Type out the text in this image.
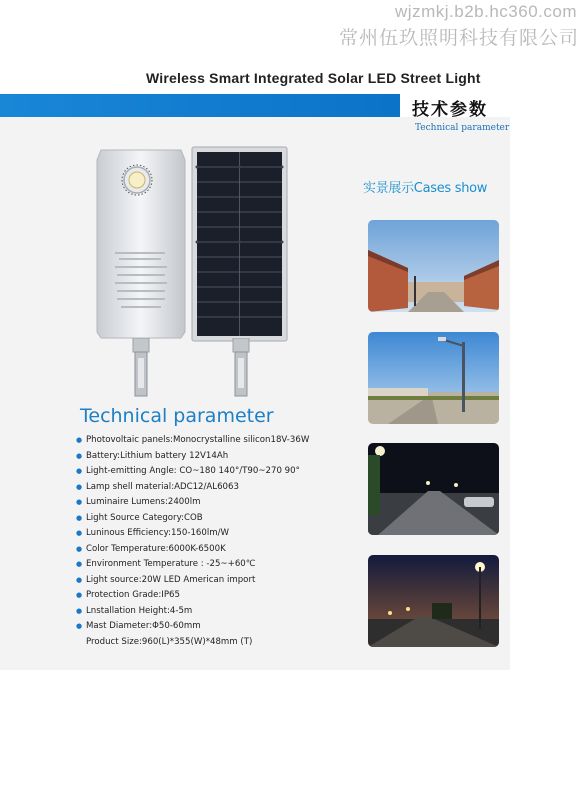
wjzmkj.b2b.hc360.com
常州伍玖照明科技有限公司
Wireless Smart Integrated Solar LED Street Light
技术参数
Technical parameter
实景展示Cases show
Technical parameter
● Photovoltaic panels:Monocrystalline silicon18V-36W
● Battery:Lithium battery 12V14Ah
● Light-emitting Angle: CO~180 140°/T90~270 90°
● Lamp shell material:ADC12/AL6063
● Luminaire Lumens:2400lm
● Light Source Category:COB
● Luninous Efficiency:150-160lm/W
● Color Temperature:6000K-6500K
● Environment Temperature : -25~+60℃
● Light source:20W LED American import
● Protection Grade:IP65
● Lnstallation Height:4-5m
● Mast Diameter:Φ50-60mm
Product Size:960(L)*355(W)*48mm (T)
